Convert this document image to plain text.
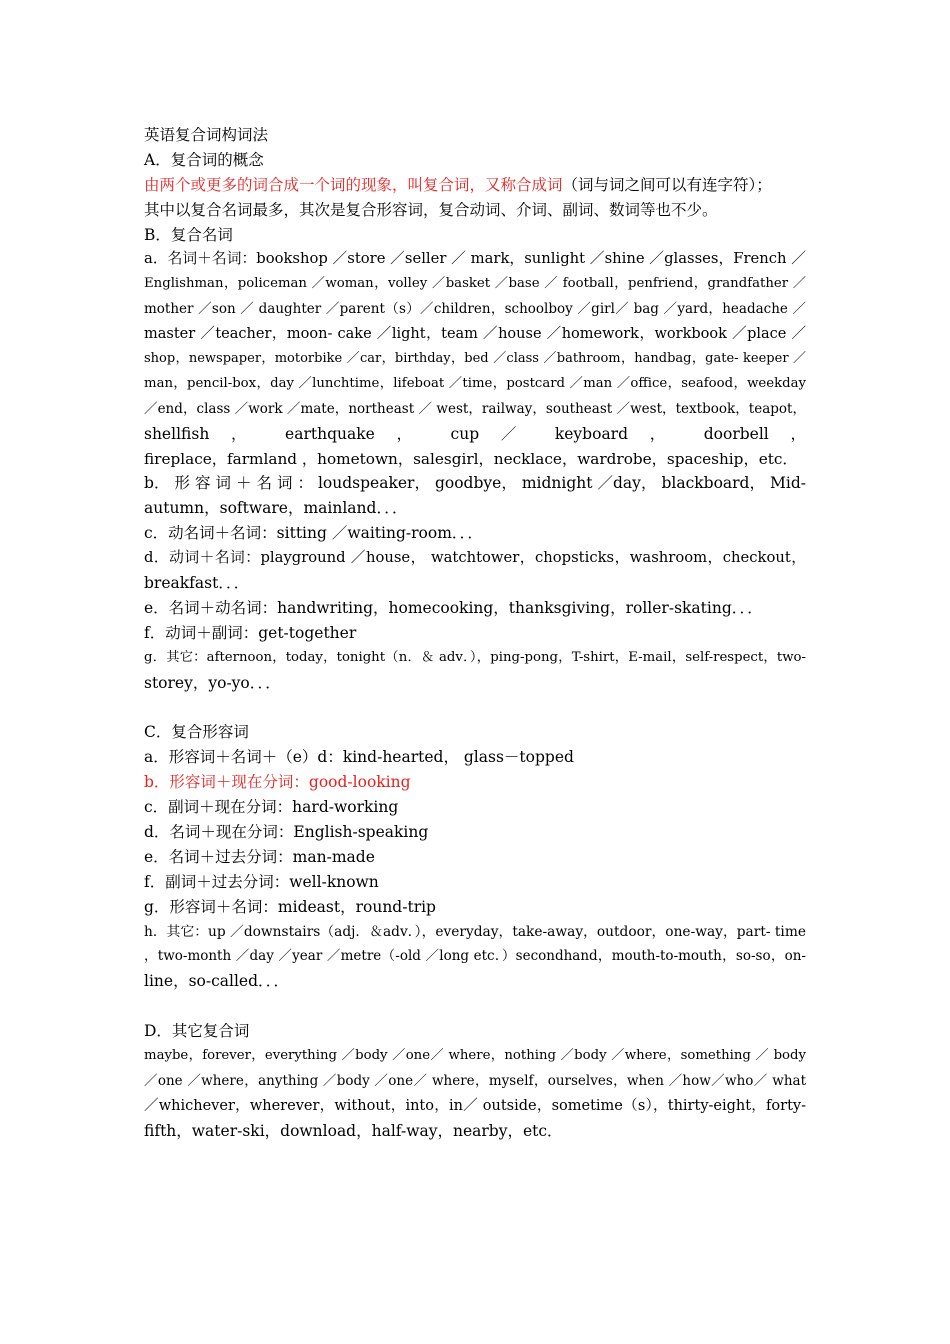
英语复合词构词法
A．复合词的概念
由两个或更多的词合成一个词的现象，叫复合词，又称合成词（词与词之间可以有连字符）；
其中以复合名词最多，其次是复合形容词，复合动词、介词、副词、数词等也不少。
B．复合名词
a．名词＋名词：bookshop ／store ／seller ／ mark，sunlight ／shine ／glasses，French ／
Englishman，policeman ／woman，volley ／basket ／base ／ football，penfriend，grandfather ／
mother ／son ／ daughter ／parent（s）／children，schoolboy ／girl／ bag ／yard，headache ／
master ／teacher，moon- cake ／light，team ／house ／homework，workbook ／place ／
shop，newspaper，motorbike ／car，birthday，bed ／class ／bathroom，handbag，gate- keeper ／
man，pencil-box，day ／lunchtime，lifeboat ／time，postcard ／man ／office，seafood，weekday
／end，class ／work ／mate，northeast ／ west，railway，southeast ／west，textbook，teapot，
shellfish ， earthquake ， cup ／ keyboard ， doorbell ，
fireplace，farmland ，hometown，salesgirl，necklace，wardrobe，spaceship，etc．
b． 形 容 词 ＋ 名 词 ： loudspeaker， goodbye， midnight ／day， blackboard， Mid-
autumn，software，mainland．．．
c．动名词＋名词：sitting ／waiting-room．．．
d．动词＋名词：playground ／house， watchtower，chopsticks，washroom，checkout，
breakfast．．．
e．名词＋动名词：handwriting，homecooking，thanksgiving，roller-skating．．．
f．动词＋副词：get-together
g．其它：afternoon，today，tonight（n．＆ adv．），ping-pong，T-shirt，E-mail，self-respect，two-
storey，yo-yo．．．
C．复合形容词
a．形容词＋名词＋（e）d：kind-hearted， glass－topped
b．形容词＋现在分词：good-looking
c．副词＋现在分词：hard-working
d．名词＋现在分词：English-speaking
e．名词＋过去分词：man-made
f．副词＋过去分词：well-known
g．形容词＋名词：mideast，round-trip
h．其它：up ／downstairs（adj．＆adv．），everyday，take-away，outdoor，one-way，part- time
，two-month ／day ／year ／metre（-old ／long etc．）secondhand，mouth-to-mouth，so-so，on-
line，so-called．．．
D．其它复合词
maybe，forever，everything ／body ／one／ where，nothing ／body ／where，something ／ body
／one ／where，anything ／body ／one／ where，myself，ourselves，when ／how／who／ what
／whichever，wherever，without，into，in／ outside，sometime（s），thirty-eight，forty-
fifth，water-ski，download，half-way，nearby，etc．
